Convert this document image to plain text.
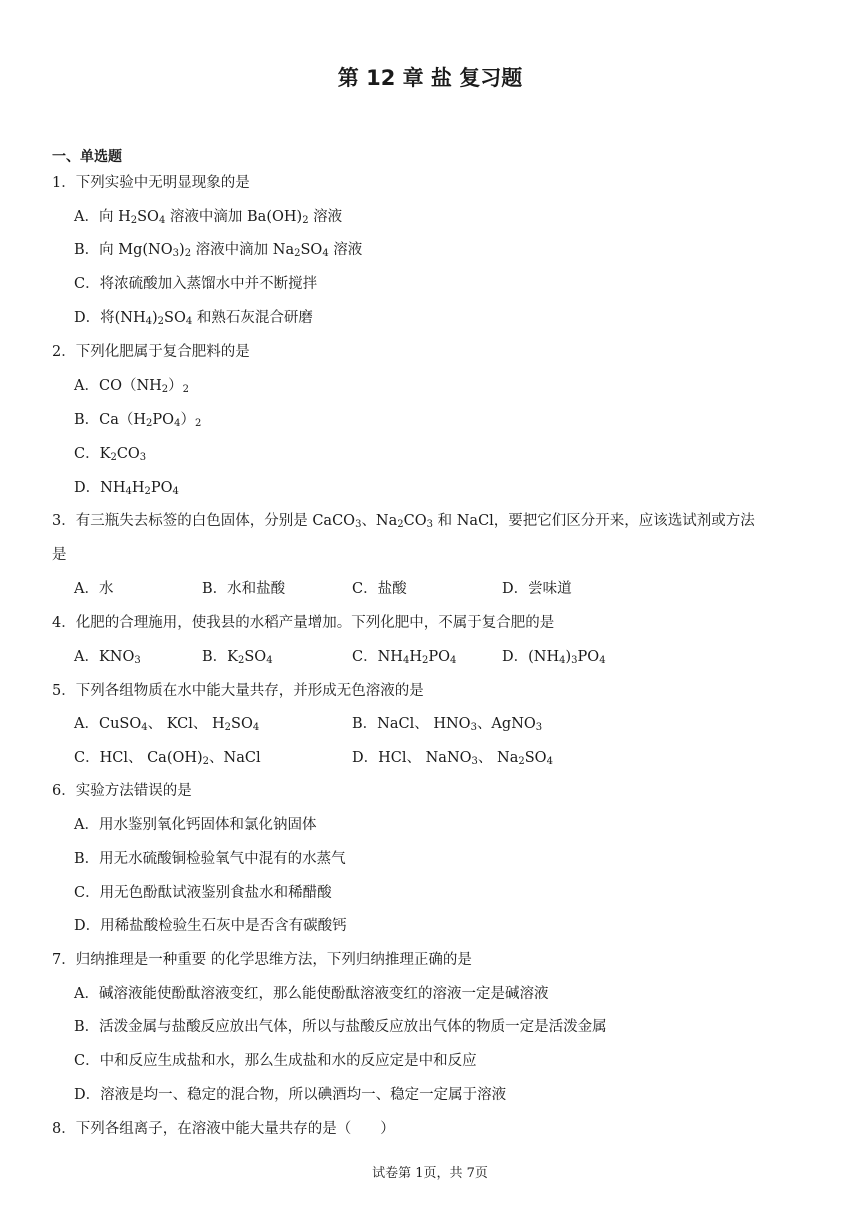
第 12 章 盐 复习题
一、单选题
1．下列实验中无明显现象的是
A．向 $H_2SO_4$ 溶液中滴加 $Ba(OH)_2$ 溶液
B．向 $Mg(NO_3)_2$ 溶液中滴加 $Na_2SO_4$ 溶液
C．将浓硫酸加入蒸馏水中并不断搅拌
D．将$(NH_4)_2SO_4$ 和熟石灰混合研磨
2．下列化肥属于复合肥料的是
A．$CO(NH_2)_2$
B．$Ca(H_2PO_4)_2$
C．$K_2CO_3$
D．$NH_4H_2PO_4$
3．有三瓶失去标签的白色固体，分别是 CaCO$_3$、$Na_2CO_3$ 和 NaCl，要把它们区分开来，应该选试剂或方法
是
A．水	B．水和盐酸	C．盐酸	D．尝味道
4．化肥的合理施用，使我县的水稻产量增加。下列化肥中，不属于复合肥的是
A．$KNO_3$	B．$K_2SO_4$	C．$NH_4H_2PO_4$	D．$(NH_4)_3PO_4$
5．下列各组物质在水中能大量共存，并形成无色溶液的是
A．CuSO$_4$、 KCl、 $H_2SO_4$	B．NaCl、 $HNO_3$、AgNO$_3$
C．HCl、 $Ca(OH)_2$、NaCl	D．HCl、 NaNO$_3$、 $Na_2SO_4$
6．实验方法错误的是
A．用水鉴别氧化钙固体和氯化钠固体
B．用无水硫酸铜检验氧气中混有的水蒸气
C．用无色酚酞试液鉴别食盐水和稀醋酸
D．用稀盐酸检验生石灰中是否含有碳酸钙
7．归纳推理是一种重要 的化学思维方法，下列归纳推理正确的是
A．碱溶液能使酚酞溶液变红，那么能使酚酞溶液变红的溶液一定是碱溶液
B．活泼金属与盐酸反应放出气体，所以与盐酸反应放出气体的物质一定是活泼金属
C．中和反应生成盐和水，那么生成盐和水的反应定是中和反应
D．溶液是均一、稳定的混合物，所以碘酒均一、稳定一定属于溶液
8．下列各组离子，在溶液中能大量共存的是（　　）
试卷第 1页，共 7页
